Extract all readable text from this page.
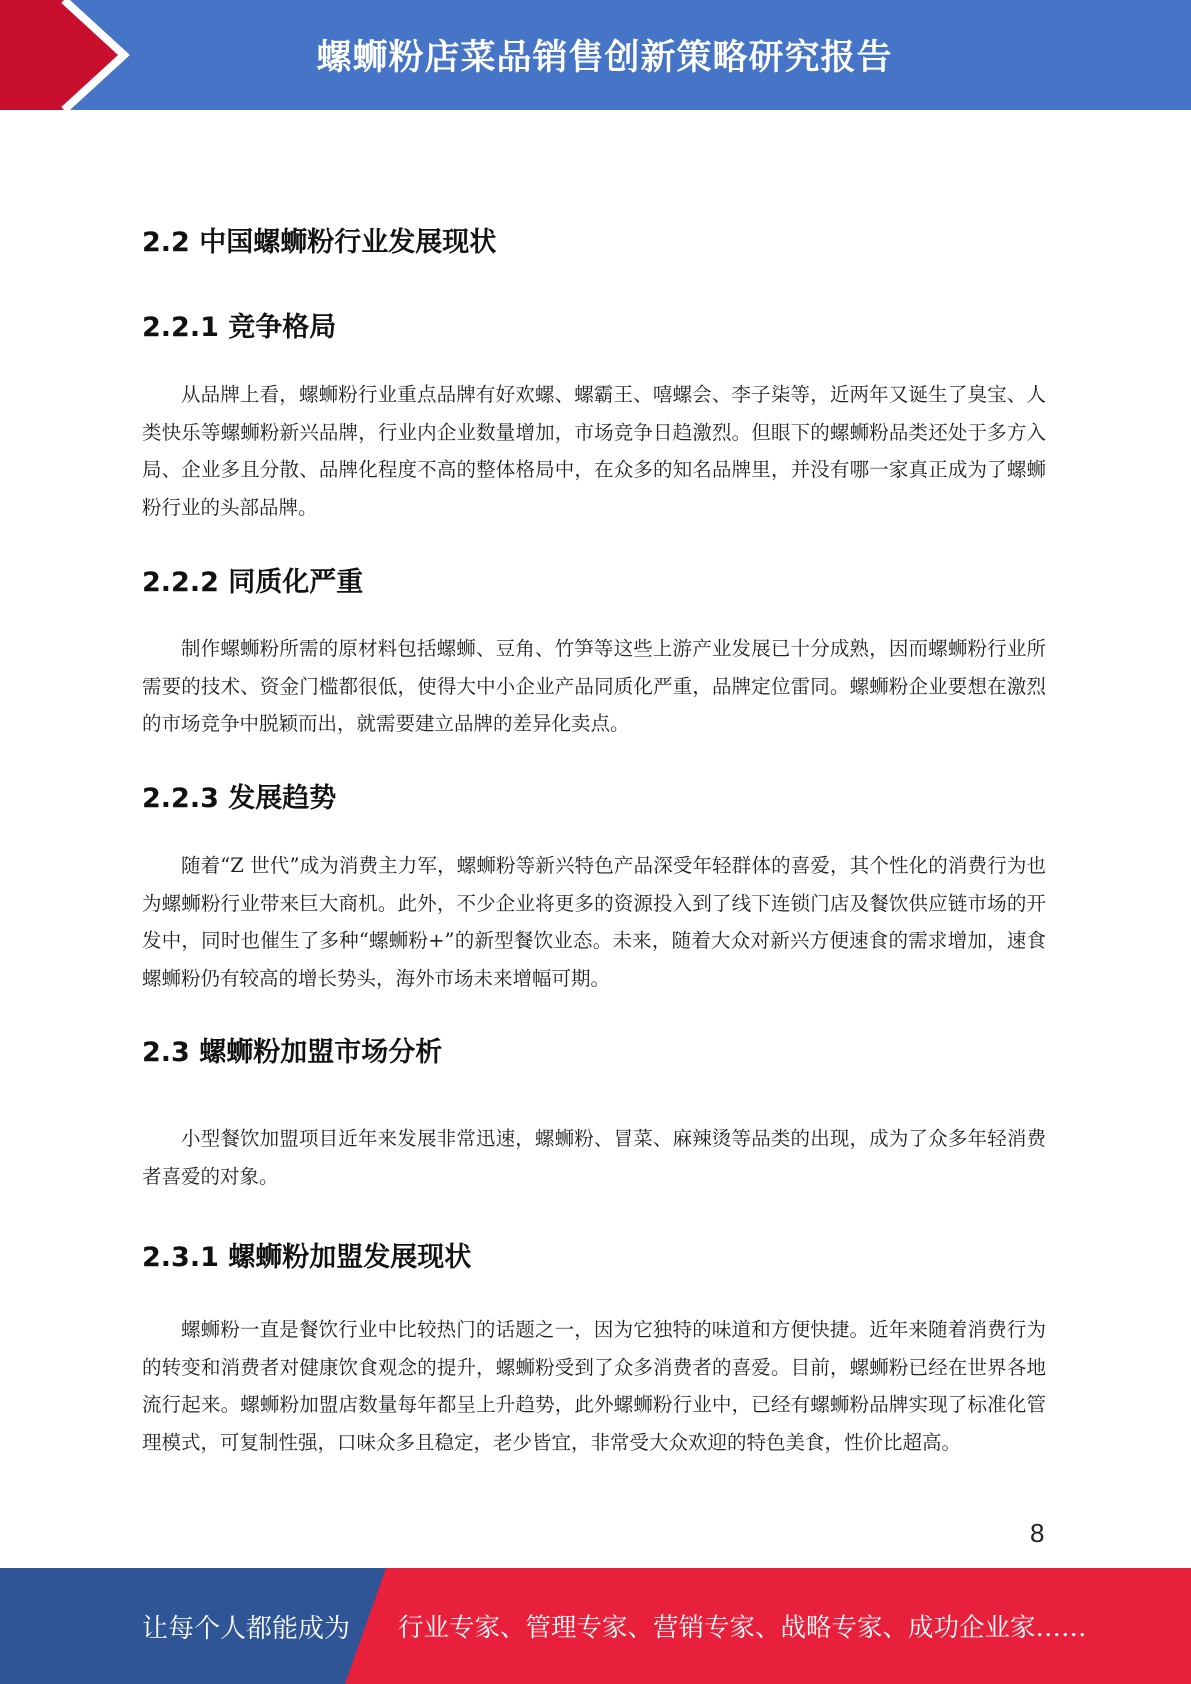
螺蛳粉店菜品销售创新策略研究报告
2.2 中国螺蛳粉行业发展现状
2.2.1 竞争格局

从品牌上看，螺蛳粉行业重点品牌有好欢螺、螺霸王、嘻螺会、李子柒等，近两年又诞生了臭宝、人类快乐等螺蛳粉新兴品牌，行业内企业数量增加，市场竞争日趋激烈。但眼下的螺蛳粉品类还处于多方入局、企业多且分散、品牌化程度不高的整体格局中，在众多的知名品牌里，并没有哪一家真正成为了螺蛳粉行业的头部品牌。

2.2.2 同质化严重

制作螺蛳粉所需的原材料包括螺蛳、豆角、竹笋等这些上游产业发展已十分成熟，因而螺蛳粉行业所需要的技术、资金门槛都很低，使得大中小企业产品同质化严重，品牌定位雷同。螺蛳粉企业要想在激烈的市场竞争中脱颖而出，就需要建立品牌的差异化卖点。

2.2.3 发展趋势

随着“Z 世代”成为消费主力军，螺蛳粉等新兴特色产品深受年轻群体的喜爱，其个性化的消费行为也为螺蛳粉行业带来巨大商机。此外，不少企业将更多的资源投入到了线下连锁门店及餐饮供应链市场的开发中，同时也催生了多种“螺蛳粉+”的新型餐饮业态。未来，随着大众对新兴方便速食的需求增加，速食螺蛳粉仍有较高的增长势头，海外市场未来增幅可期。

2.3 螺蛳粉加盟市场分析

小型餐饮加盟项目近年来发展非常迅速，螺蛳粉、冒菜、麻辣烫等品类的出现，成为了众多年轻消费者喜爱的对象。

2.3.1 螺蛳粉加盟发展现状

螺蛳粉一直是餐饮行业中比较热门的话题之一，因为它独特的味道和方便快捷。近年来随着消费行为的转变和消费者对健康饮食观念的提升，螺蛳粉受到了众多消费者的喜爱。目前，螺蛳粉已经在世界各地流行起来。螺蛳粉加盟店数量每年都呈上升趋势，此外螺蛳粉行业中，已经有螺蛳粉品牌实现了标准化管理模式，可复制性强，口味众多且稳定，老少皆宜，非常受大众欢迎的特色美食，性价比超高。

8
让每个人都能成为 行业专家、管理专家、营销专家、战略专家、成功企业家……
